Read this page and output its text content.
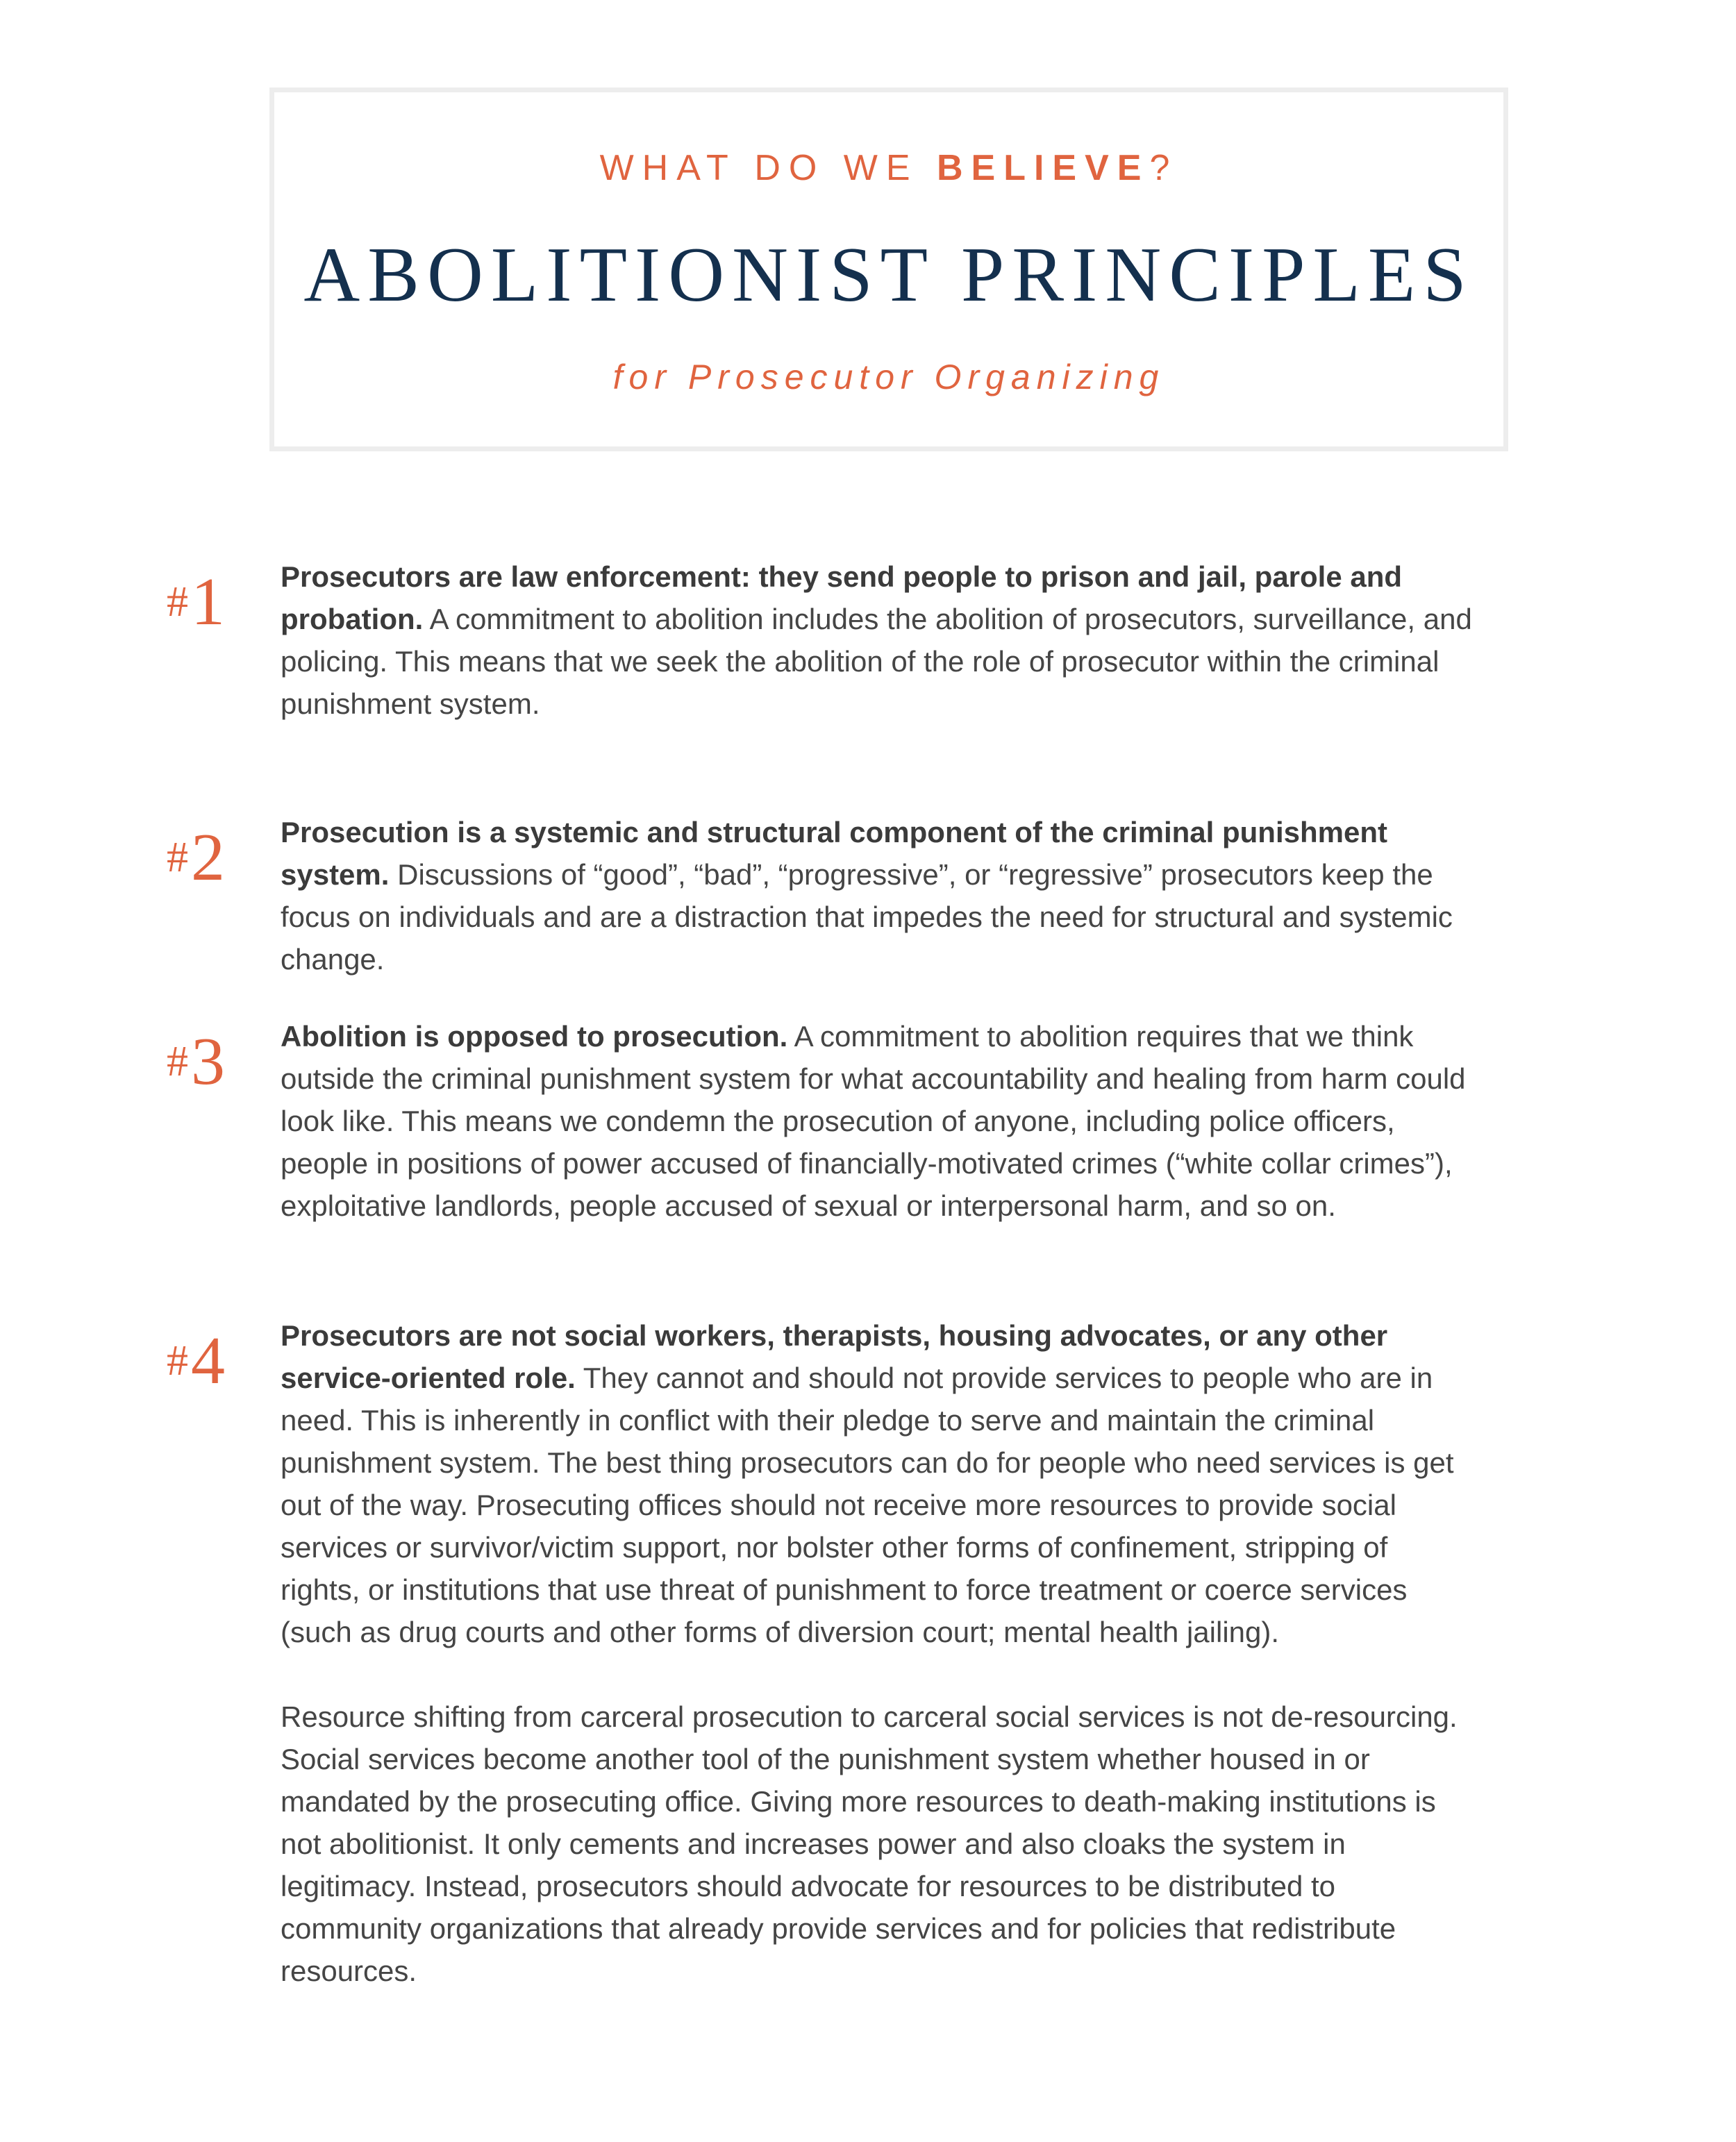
WHAT DO WE BELIEVE?
ABOLITIONIST PRINCIPLES
for Prosecutor Organizing
#1 Prosecutors are law enforcement: they send people to prison and jail, parole and probation. A commitment to abolition includes the abolition of prosecutors, surveillance, and policing. This means that we seek the abolition of the role of prosecutor within the criminal punishment system.

#2 Prosecution is a systemic and structural component of the criminal punishment system. Discussions of “good”, “bad”, “progressive”, or “regressive” prosecutors keep the focus on individuals and are a distraction that impedes the need for structural and systemic change.

#3 Abolition is opposed to prosecution. A commitment to abolition requires that we think outside the criminal punishment system for what accountability and healing from harm could look like. This means we condemn the prosecution of anyone, including police officers, people in positions of power accused of financially-motivated crimes (“white collar crimes”), exploitative landlords, people accused of sexual or interpersonal harm, and so on.

#4 Prosecutors are not social workers, therapists, housing advocates, or any other service-oriented role. They cannot and should not provide services to people who are in need. This is inherently in conflict with their pledge to serve and maintain the criminal punishment system. The best thing prosecutors can do for people who need services is get out of the way. Prosecuting offices should not receive more resources to provide social services or survivor/victim support, nor bolster other forms of confinement, stripping of rights, or institutions that use threat of punishment to force treatment or coerce services (such as drug courts and other forms of diversion court; mental health jailing).

Resource shifting from carceral prosecution to carceral social services is not de-resourcing. Social services become another tool of the punishment system whether housed in or mandated by the prosecuting office. Giving more resources to death-making institutions is not abolitionist. It only cements and increases power and also cloaks the system in legitimacy. Instead, prosecutors should advocate for resources to be distributed to community organizations that already provide services and for policies that redistribute resources.
